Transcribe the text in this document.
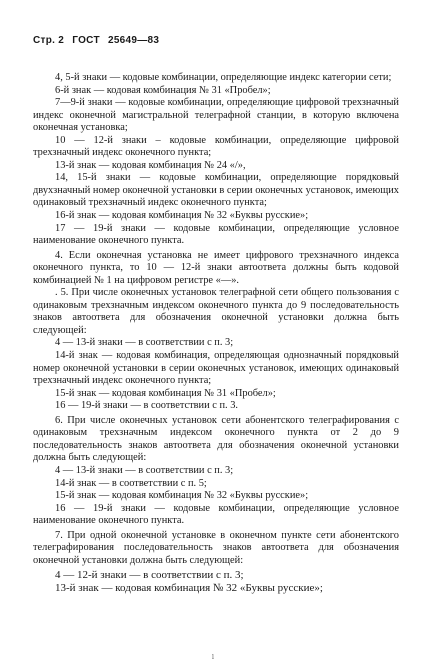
Стр. 2 ГОСТ 25649—83

4, 5-й знаки — кодовые комбинации, определяющие индекс категории сети;

6-й знак — кодовая комбинация № 31 «Пробел»;

7—9-й знаки — кодовые комбинации, определяющие цифровой трехзначный индекс оконечной магистральной телеграфной станции, в которую включена оконечная установка;

10 — 12-й знаки – кодовые комбинации, определяющие цифровой трехзначный индекс оконечного пункта;

13-й знак — кодовая комбинация № 24 «/»,

14, 15-й знаки — кодовые комбинации, определяющие порядковый двухзначный номер оконечной установки в серии оконечных установок, имеющих одинаковый трехзначный индекс оконечного пункта;

16-й знак — кодовая комбинация № 32 «Буквы русские»;

17 — 19-й знаки — кодовые комбинации, определяющие условное наименование оконечного пункта.

4. Если оконечная установка не имеет цифрового трехзначного индекса оконечного пункта, то 10 — 12-й знаки автоответа должны быть кодовой комбинацией № 1 на цифровом регистре «—».

. 5. При числе оконечных установок телеграфной сети общего пользования с одинаковым трехзначным индексом оконечного пункта до 9 последовательность знаков автоответа для обозначения оконечной установки должна быть следующей:

4 — 13-й знаки — в соответствии с п. 3;

14-й знак — кодовая комбинация, определяющая однозначный порядковый номер оконечной установки в серии оконечных установок, имеющих одинаковый трехзначный индекс оконечного пункта;

15-й знак — кодовая комбинация № 31 «Пробел»;

16 — 19-й знаки — в соответствии с п. 3.

6. При числе оконечных установок сети абонентского телеграфирования с одинаковым трехзначным индексом оконечного пункта от 2 до 9 последовательность знаков автоответа для обозначения оконечной установки должна быть следующей:

4 — 13-й знаки — в соответствии с п. 3;

14-й знак — в соответствии с п. 5;

15-й знак — кодовая комбинация № 32 «Буквы русские»;

16 — 19-й знаки — кодовые комбинации, определяющие условное наименование оконечного пункта.

7. При одной оконечной установке в оконечном пункте сети абонентского телеграфирования последовательность знаков автоответа для обозначения оконечной установки должна быть следующей:

4 — 12-й знаки — в соответствии с п. 3;

13-й знак — кодовая комбинация № 32 «Буквы русские»;

ⅼ
